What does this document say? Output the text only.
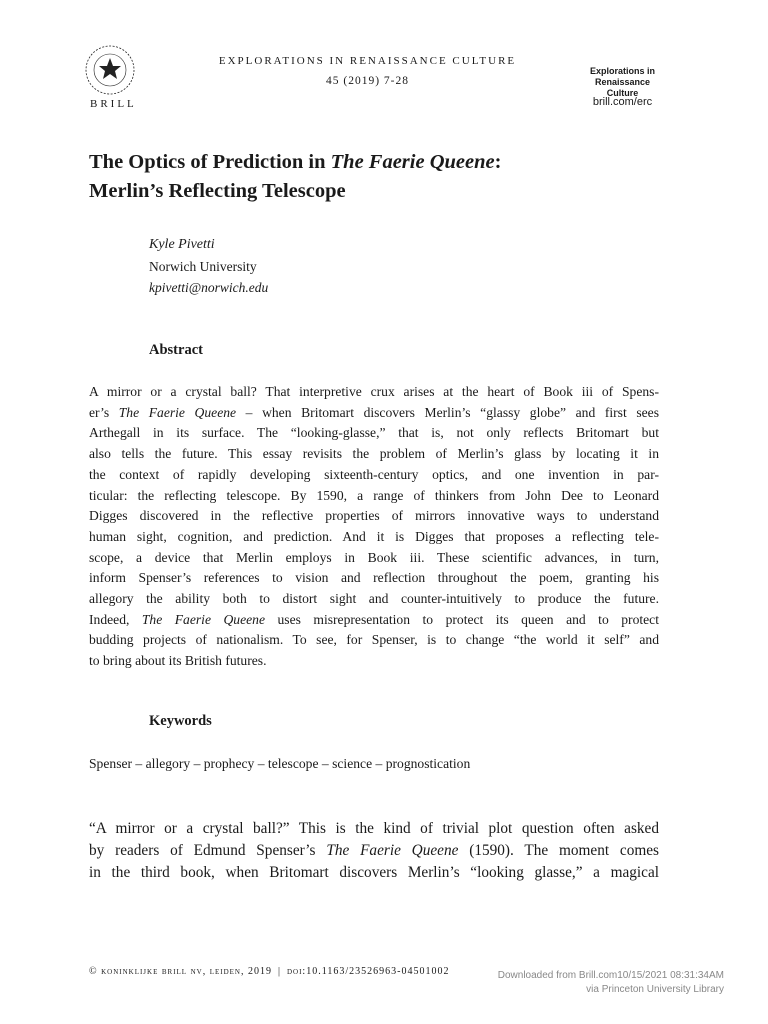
BRILL
EXPLORATIONS IN RENAISSANCE CULTURE
45 (2019) 7-28
Explorations in
Renaissance
Culture
brill.com/erc
The Optics of Prediction in The Faerie Queene:
Merlin’s Reflecting Telescope
Kyle Pivetti
Norwich University
kpivetti@norwich.edu
Abstract
A mirror or a crystal ball? That interpretive crux arises at the heart of Book iii of Spens-
er’s The Faerie Queene – when Britomart discovers Merlin’s “glassy globe” and first sees
Arthegall in its surface. The “looking-glasse,” that is, not only reflects Britomart but
also tells the future. This essay revisits the problem of Merlin’s glass by locating it in
the context of rapidly developing sixteenth-century optics, and one invention in par-
ticular: the reflecting telescope. By 1590, a range of thinkers from John Dee to Leonard
Digges discovered in the reflective properties of mirrors innovative ways to understand
human sight, cognition, and prediction. And it is Digges that proposes a reflecting tele-
scope, a device that Merlin employs in Book iii. These scientific advances, in turn,
inform Spenser’s references to vision and reflection throughout the poem, granting his
allegory the ability both to distort sight and counter-intuitively to produce the future.
Indeed, The Faerie Queene uses misrepresentation to protect its queen and to protect
budding projects of nationalism. To see, for Spenser, is to change “the world it self” and
to bring about its British futures.
Keywords
Spenser – allegory – prophecy – telescope – science – prognostication
“A mirror or a crystal ball?” This is the kind of trivial plot question often asked
by readers of Edmund Spenser’s The Faerie Queene (1590). The moment comes
in the third book, when Britomart discovers Merlin’s “looking glasse,” a magical
© koninklijke brill nv, leiden, 2019 | doi:10.1163/23526963-04501002	Downloaded from Brill.com10/15/2021 08:31:34AM
via Princeton University Library
